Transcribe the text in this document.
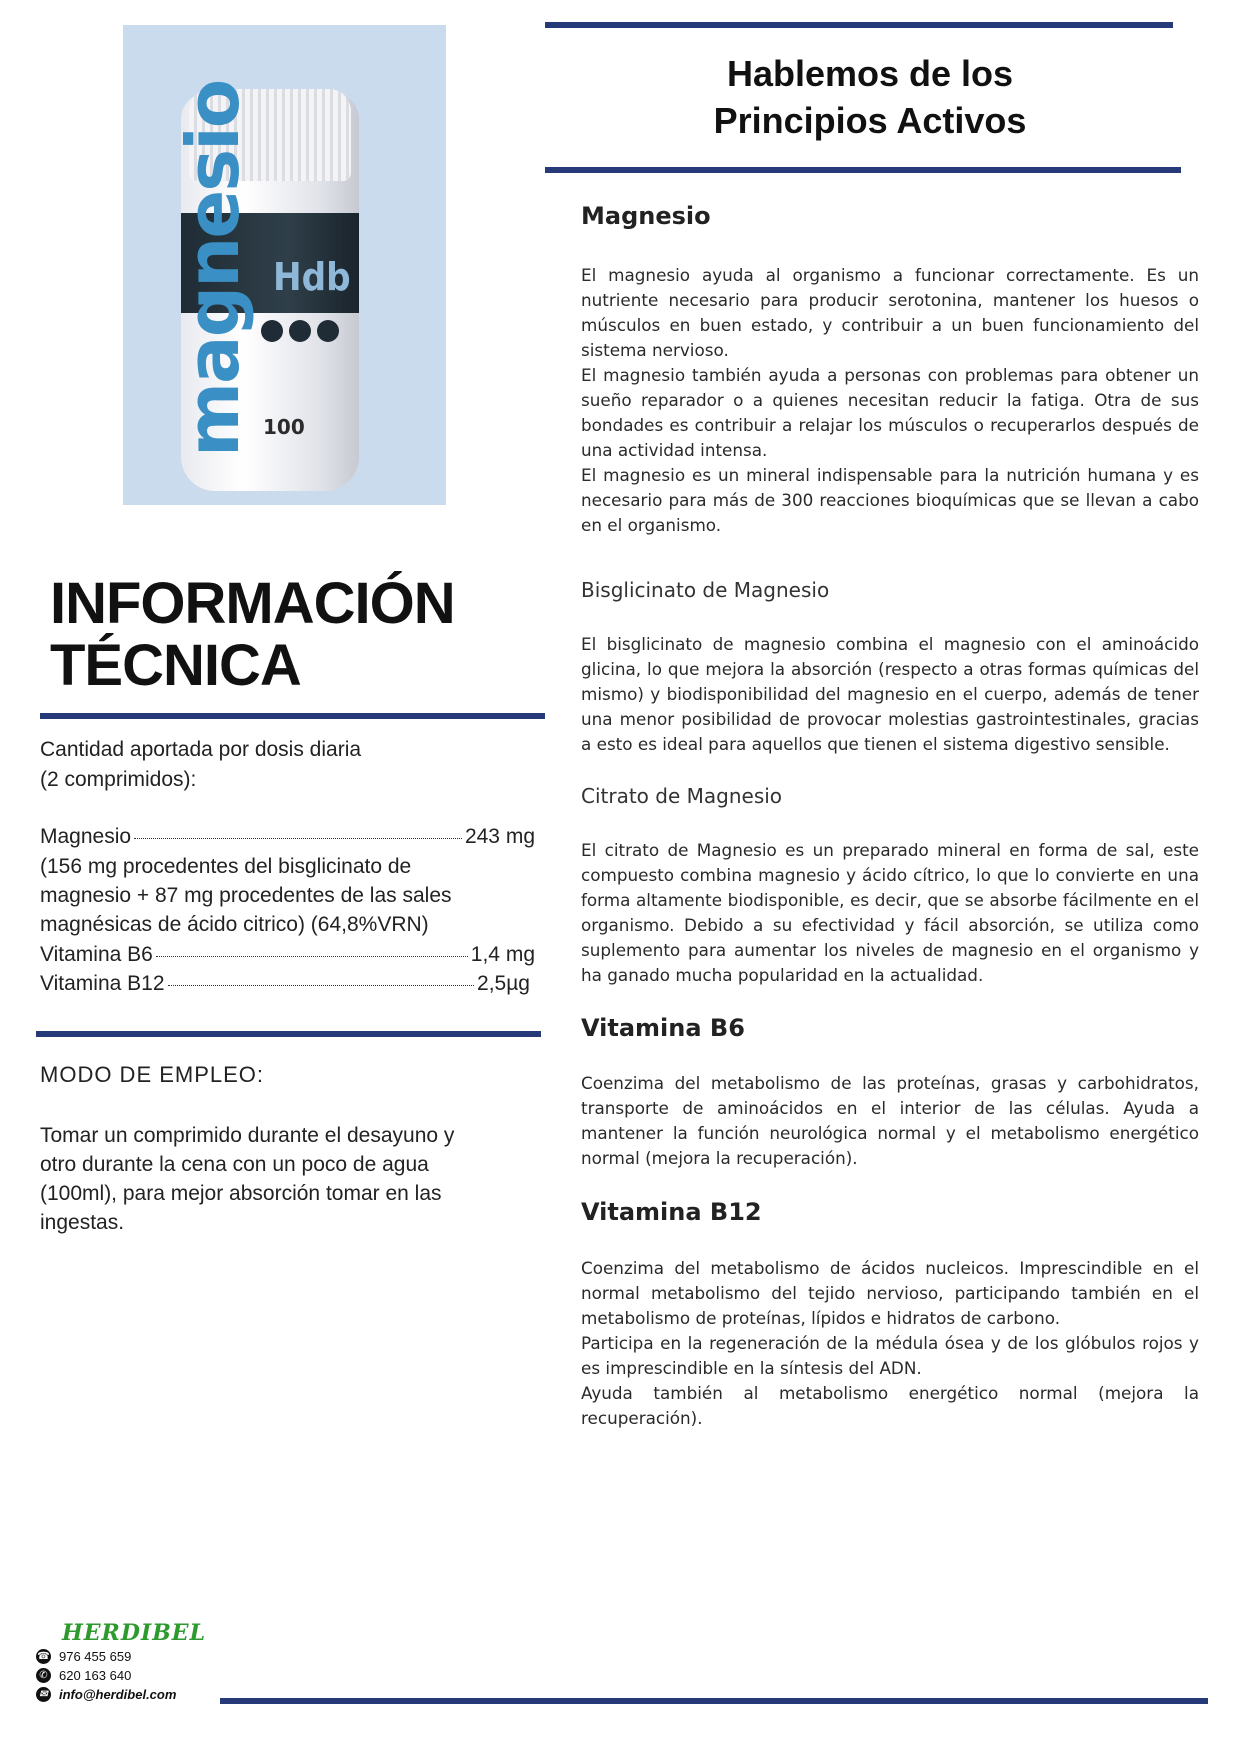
Hdb
magnesio 100
Hablemos de los
Principios Activos
Magnesio
El magnesio ayuda al organismo a funcionar correctamente. Es un nutriente necesario para producir serotonina, mantener los huesos o músculos en buen estado, y contribuir a un buen funcionamiento del sistema nervioso.
El magnesio también ayuda a personas con problemas para obtener un sueño reparador o a quienes necesitan reducir la fatiga. Otra de sus bondades es contribuir a relajar los músculos o recuperarlos después de una actividad intensa.
El magnesio es un mineral indispensable para la nutrición humana y es necesario para más de 300 reacciones bioquímicas que se llevan a cabo en el organismo.
Bisglicinato de Magnesio
El bisglicinato de magnesio combina el magnesio con el aminoácido glicina, lo que mejora la absorción (respecto a otras formas químicas del mismo) y biodisponibilidad del magnesio en el cuerpo, además de tener una menor posibilidad de provocar molestias gastrointestinales, gracias a esto es ideal para aquellos que tienen el sistema digestivo sensible.
Citrato de Magnesio
El citrato de Magnesio es un preparado mineral en forma de sal, este compuesto combina magnesio y ácido cítrico, lo que lo convierte en una forma altamente biodisponible, es decir, que se absorbe fácilmente en el organismo. Debido a su efectividad y fácil absorción, se utiliza como suplemento para aumentar los niveles de magnesio en el organismo y ha ganado mucha popularidad en la actualidad.
Vitamina B6
Coenzima del metabolismo de las proteínas, grasas y carbohidratos, transporte de aminoácidos en el interior de las células. Ayuda a mantener la función neurológica normal y el metabolismo energético normal (mejora la recuperación).
Vitamina B12
Coenzima del metabolismo de ácidos nucleicos. Imprescindible en el normal metabolismo del tejido nervioso, participando también en el metabolismo de proteínas, lípidos e hidratos de carbono.
Participa en la regeneración de la médula ósea y de los glóbulos rojos y es imprescindible en la síntesis del ADN.
Ayuda también al metabolismo energético normal (mejora la recuperación).
INFORMACIÓN
TÉCNICA
Cantidad aportada por dosis diaria
(2 comprimidos):
Magnesio	243 mg
(156 mg procedentes del bisglicinato de
magnesio + 87 mg procedentes de las sales
magnésicas de ácido citrico) (64,8%VRN)
Vitamina B6	1,4 mg
Vitamina B12	2,5µg
MODO DE EMPLEO:
Tomar un comprimido durante el desayuno y
otro durante la cena con un poco de agua
(100ml), para mejor absorción tomar en las
ingestas.
HERDIBEL
☎ 976 455 659
✆ 620 163 640
✉ info@herdibel.com
